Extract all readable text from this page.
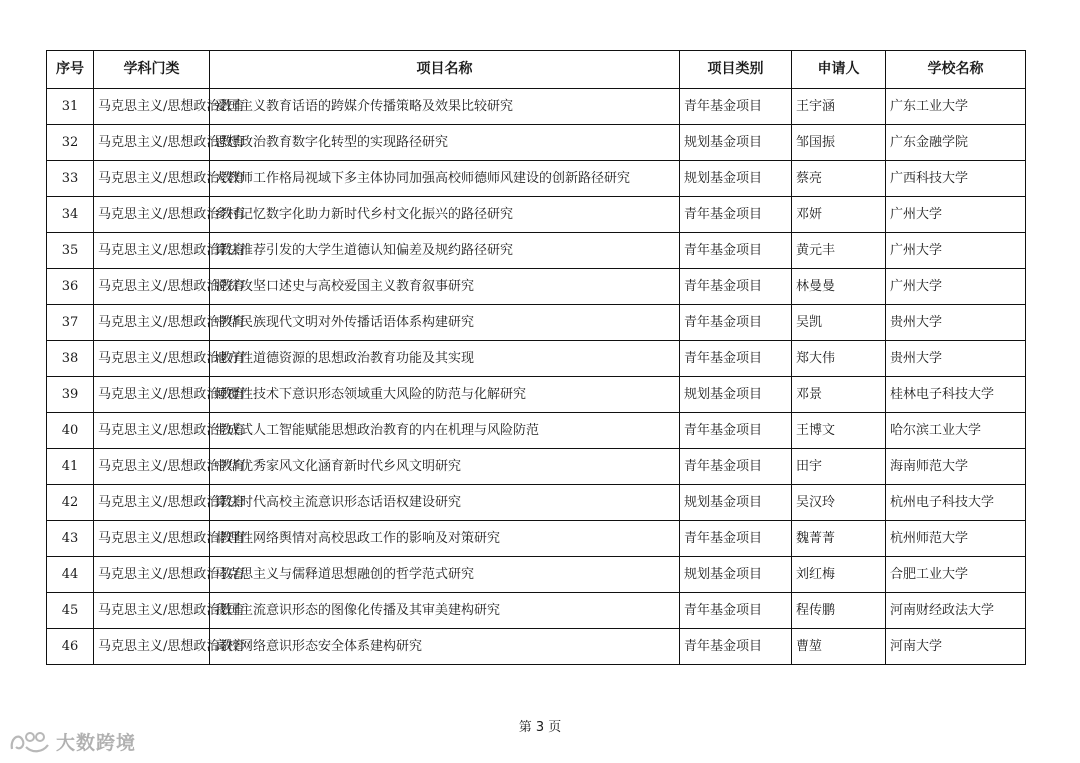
序号	学科门类	项目名称	项目类别	申请人	学校名称
31	马克思主义/思想政治教育	爱国主义教育话语的跨媒介传播策略及效果比较研究	青年基金项目	王宇涵	广东工业大学
32	马克思主义/思想政治教育	思想政治教育数字化转型的实现路径研究	规划基金项目	邹国振	广东金融学院
33	马克思主义/思想政治教育	大教师工作格局视域下多主体协同加强高校师德师风建设的创新路径研究	规划基金项目	蔡亮	广西科技大学
34	马克思主义/思想政治教育	乡村记忆数字化助力新时代乡村文化振兴的路径研究	青年基金项目	邓妍	广州大学
35	马克思主义/思想政治教育	算法推荐引发的大学生道德认知偏差及规约路径研究	青年基金项目	黄元丰	广州大学
36	马克思主义/思想政治教育	脱贫攻坚口述史与高校爱国主义教育叙事研究	青年基金项目	林曼曼	广州大学
37	马克思主义/思想政治教育	中华民族现代文明对外传播话语体系构建研究	青年基金项目	吴凯	贵州大学
38	马克思主义/思想政治教育	地方性道德资源的思想政治教育功能及其实现	青年基金项目	郑大伟	贵州大学
39	马克思主义/思想政治教育	颠覆性技术下意识形态领域重大风险的防范与化解研究	规划基金项目	邓景	桂林电子科技大学
40	马克思主义/思想政治教育	生成式人工智能赋能思想政治教育的内在机理与风险防范	青年基金项目	王博文	哈尔滨工业大学
41	马克思主义/思想政治教育	中华优秀家风文化涵育新时代乡风文明研究	青年基金项目	田宇	海南师范大学
42	马克思主义/思想政治教育	算法时代高校主流意识形态话语权建设研究	规划基金项目	吴汉玲	杭州电子科技大学
43	马克思主义/思想政治教育	非理性网络舆情对高校思政工作的影响及对策研究	青年基金项目	魏菁菁	杭州师范大学
44	马克思主义/思想政治教育	马克思主义与儒释道思想融创的哲学范式研究	规划基金项目	刘红梅	合肥工业大学
45	马克思主义/思想政治教育	我国主流意识形态的图像化传播及其审美建构研究	青年基金项目	程传鹏	河南财经政法大学
46	马克思主义/思想政治教育	高校网络意识形态安全体系建构研究	青年基金项目	曹堃	河南大学
第 3 页
大数跨境
